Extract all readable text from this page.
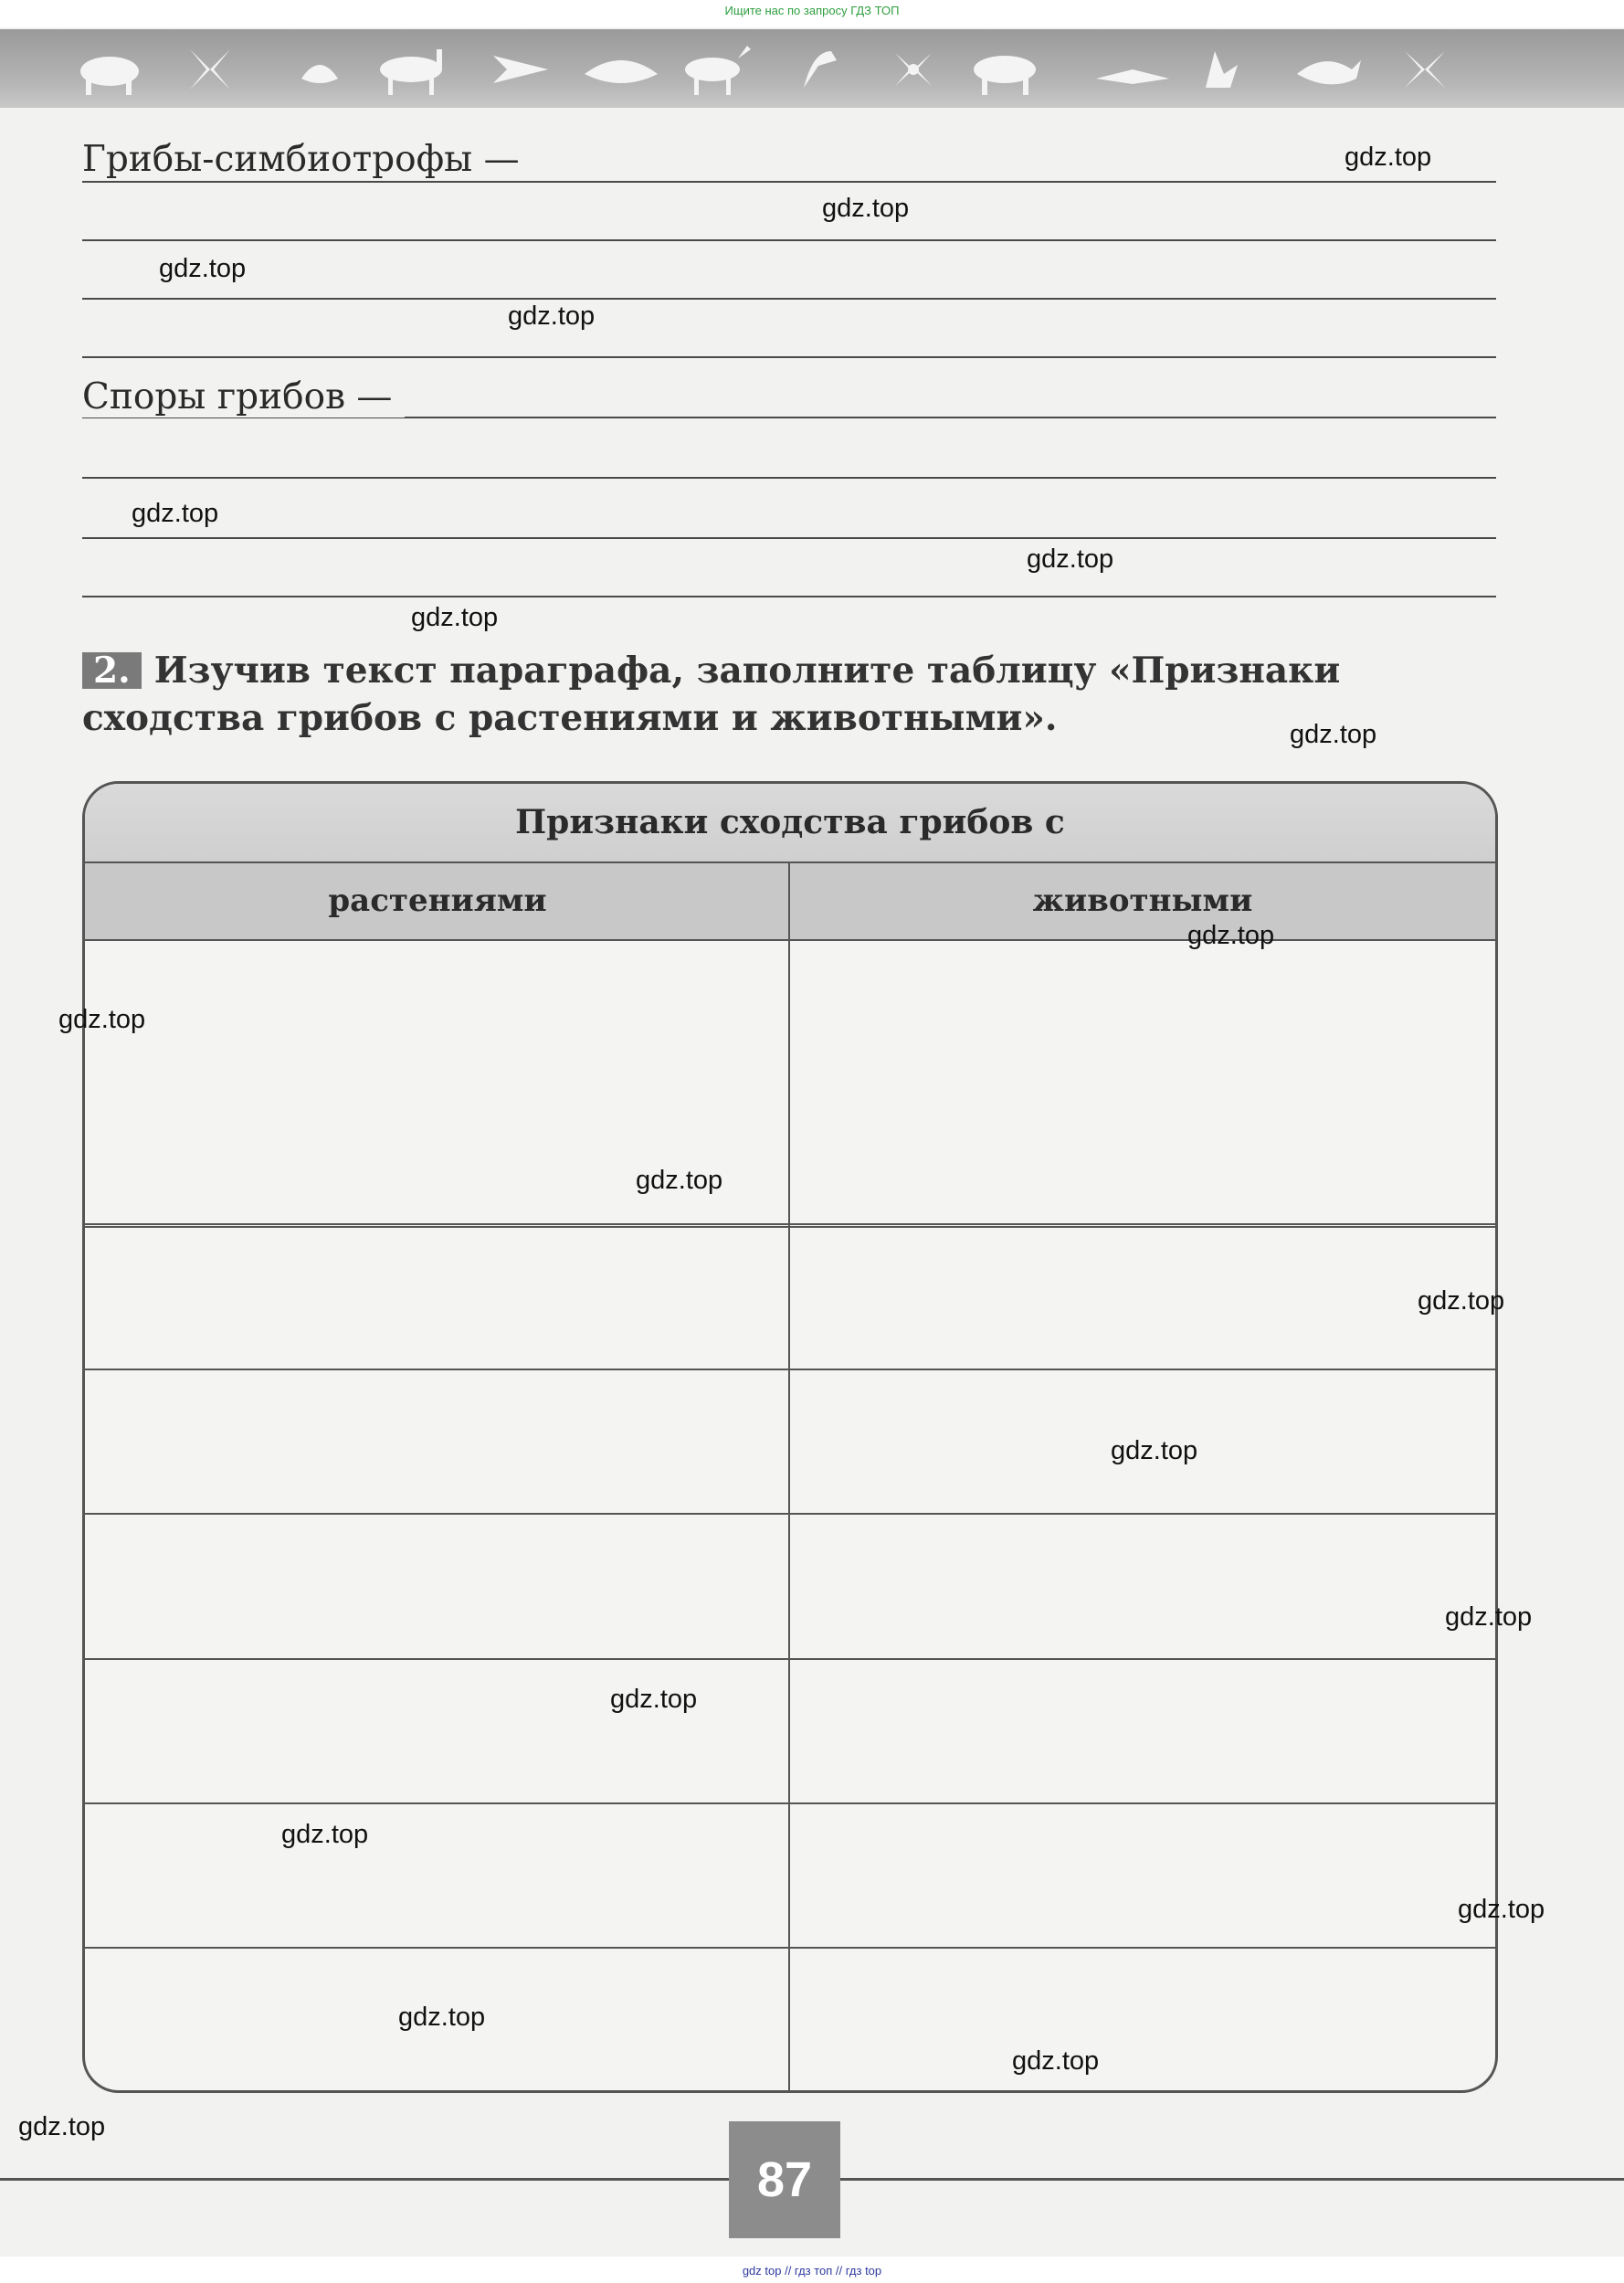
Ищите нас по запросу ГДЗ ТОП
Грибы-симбиотрофы —
Споры грибов —
2. Изучив текст параграфа, заполните таблицу «Признаки сходства грибов с растениями и животными».
Признаки сходства грибов с
растениями	животными
gdz.top
gdz.top
gdz.top
gdz.top
gdz.top
gdz.top
gdz.top
gdz.top
gdz.top
gdz.top
gdz.top
gdz.top
gdz.top
gdz.top
gdz.top
gdz.top
gdz.top
gdz.top
gdz.top
gdz.top
87
gdz top // гдз топ // гдз top
